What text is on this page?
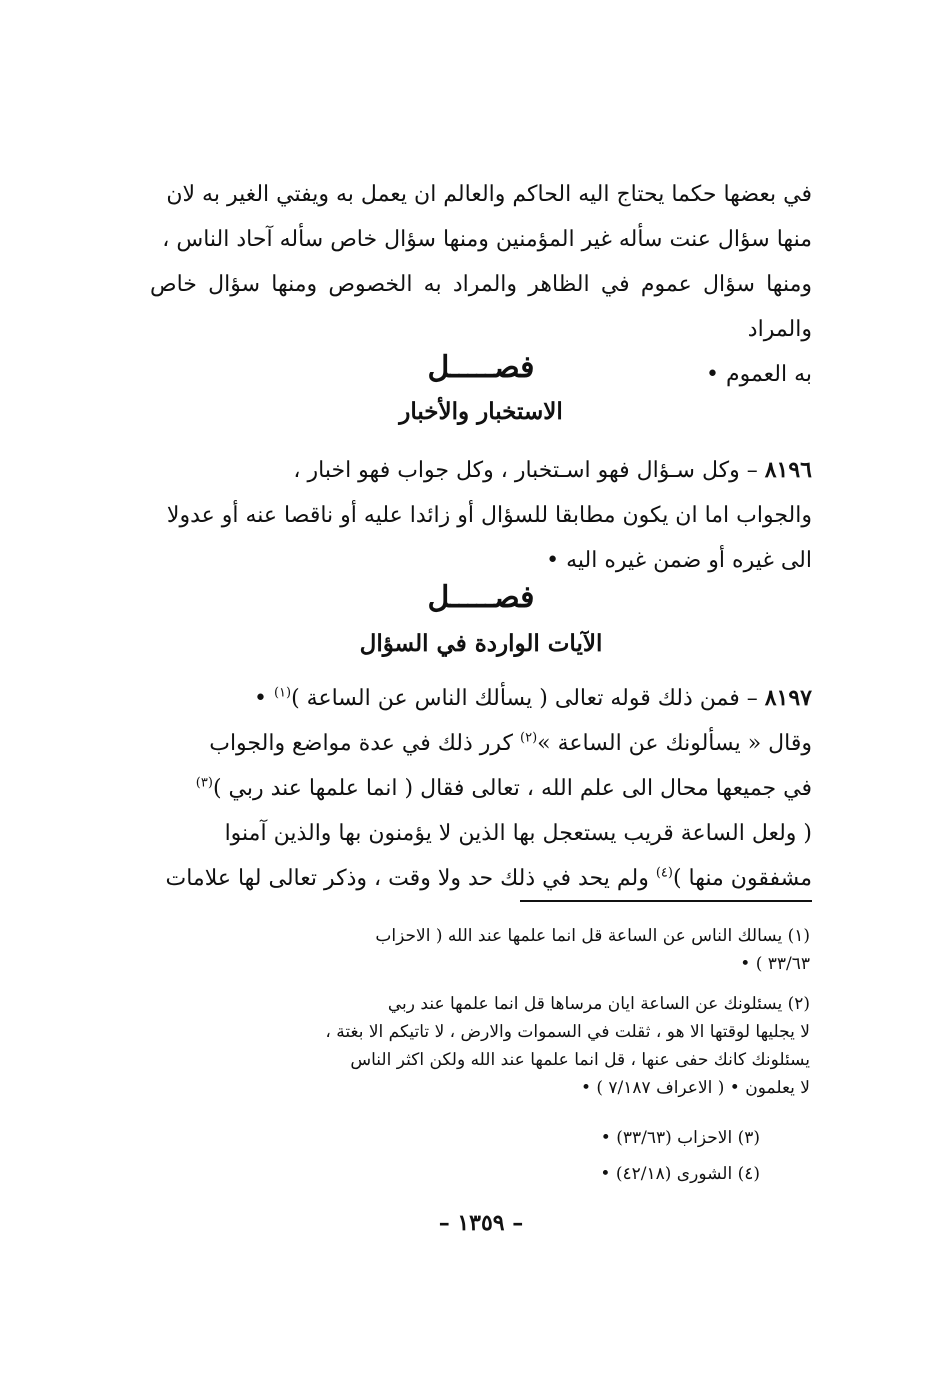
في بعضها حكما يحتاج اليه الحاكم والعالم ان يعمل به ويفتي الغير به لان

منها سؤال عنت سأله غير المؤمنين ومنها سؤال خاص سأله آحاد الناس ،

ومنها سؤال عموم في الظاهر والمراد به الخصوص ومنها سؤال خاص والمراد

به العموم •

فصـــــل
الاستخبار والأخبار

٨١٩٦ – وكل سـؤال فهو اسـتخبار ، وكل جواب فهو اخبار ،

والجواب اما ان يكون مطابقا للسؤال أو زائدا عليه أو ناقصا عنه أو عدولا

الى غيره أو ضمن غيره اليه •

فصـــــل
الآيات الواردة في السؤال

٨١٩٧ – فمن ذلك قوله تعالى ( يسألك الناس عن الساعة )$^{(١)}$ •

وقال « يسألونك عن الساعة »$^{(٢)}$ كرر ذلك في عدة مواضع والجواب

في جميعها محال الى علم الله ، تعالى فقال ( انما علمها عند ربي )$^{(٣)}$

( ولعل الساعة قريب يستعجل بها الذين لا يؤمنون بها والذين آمنوا

مشفقون منها )$^{(٤)}$ ولم يحد في ذلك حد ولا وقت ، وذكر تعالى لها علامات

(١) يسالك الناس عن الساعة قل انما علمها عند الله ( الاحزاب

٣٣/٦٣ ) •

(٢) يسئلونك عن الساعة ايان مرساها قل انما علمها عند ربي

لا يجليها لوقتها الا هو ، ثقلت في السموات والارض ، لا تاتيكم الا بغتة ،

يسئلونك كانك حفى عنها ، قل انما علمها عند الله ولكن اكثر الناس

لا يعلمون • ( الاعراف ٧/١٨٧ ) •

(٣) الاحزاب (٣٣/٦٣) •
(٤) الشورى (٤٢/١٨) •
– ١٣٥٩ –
